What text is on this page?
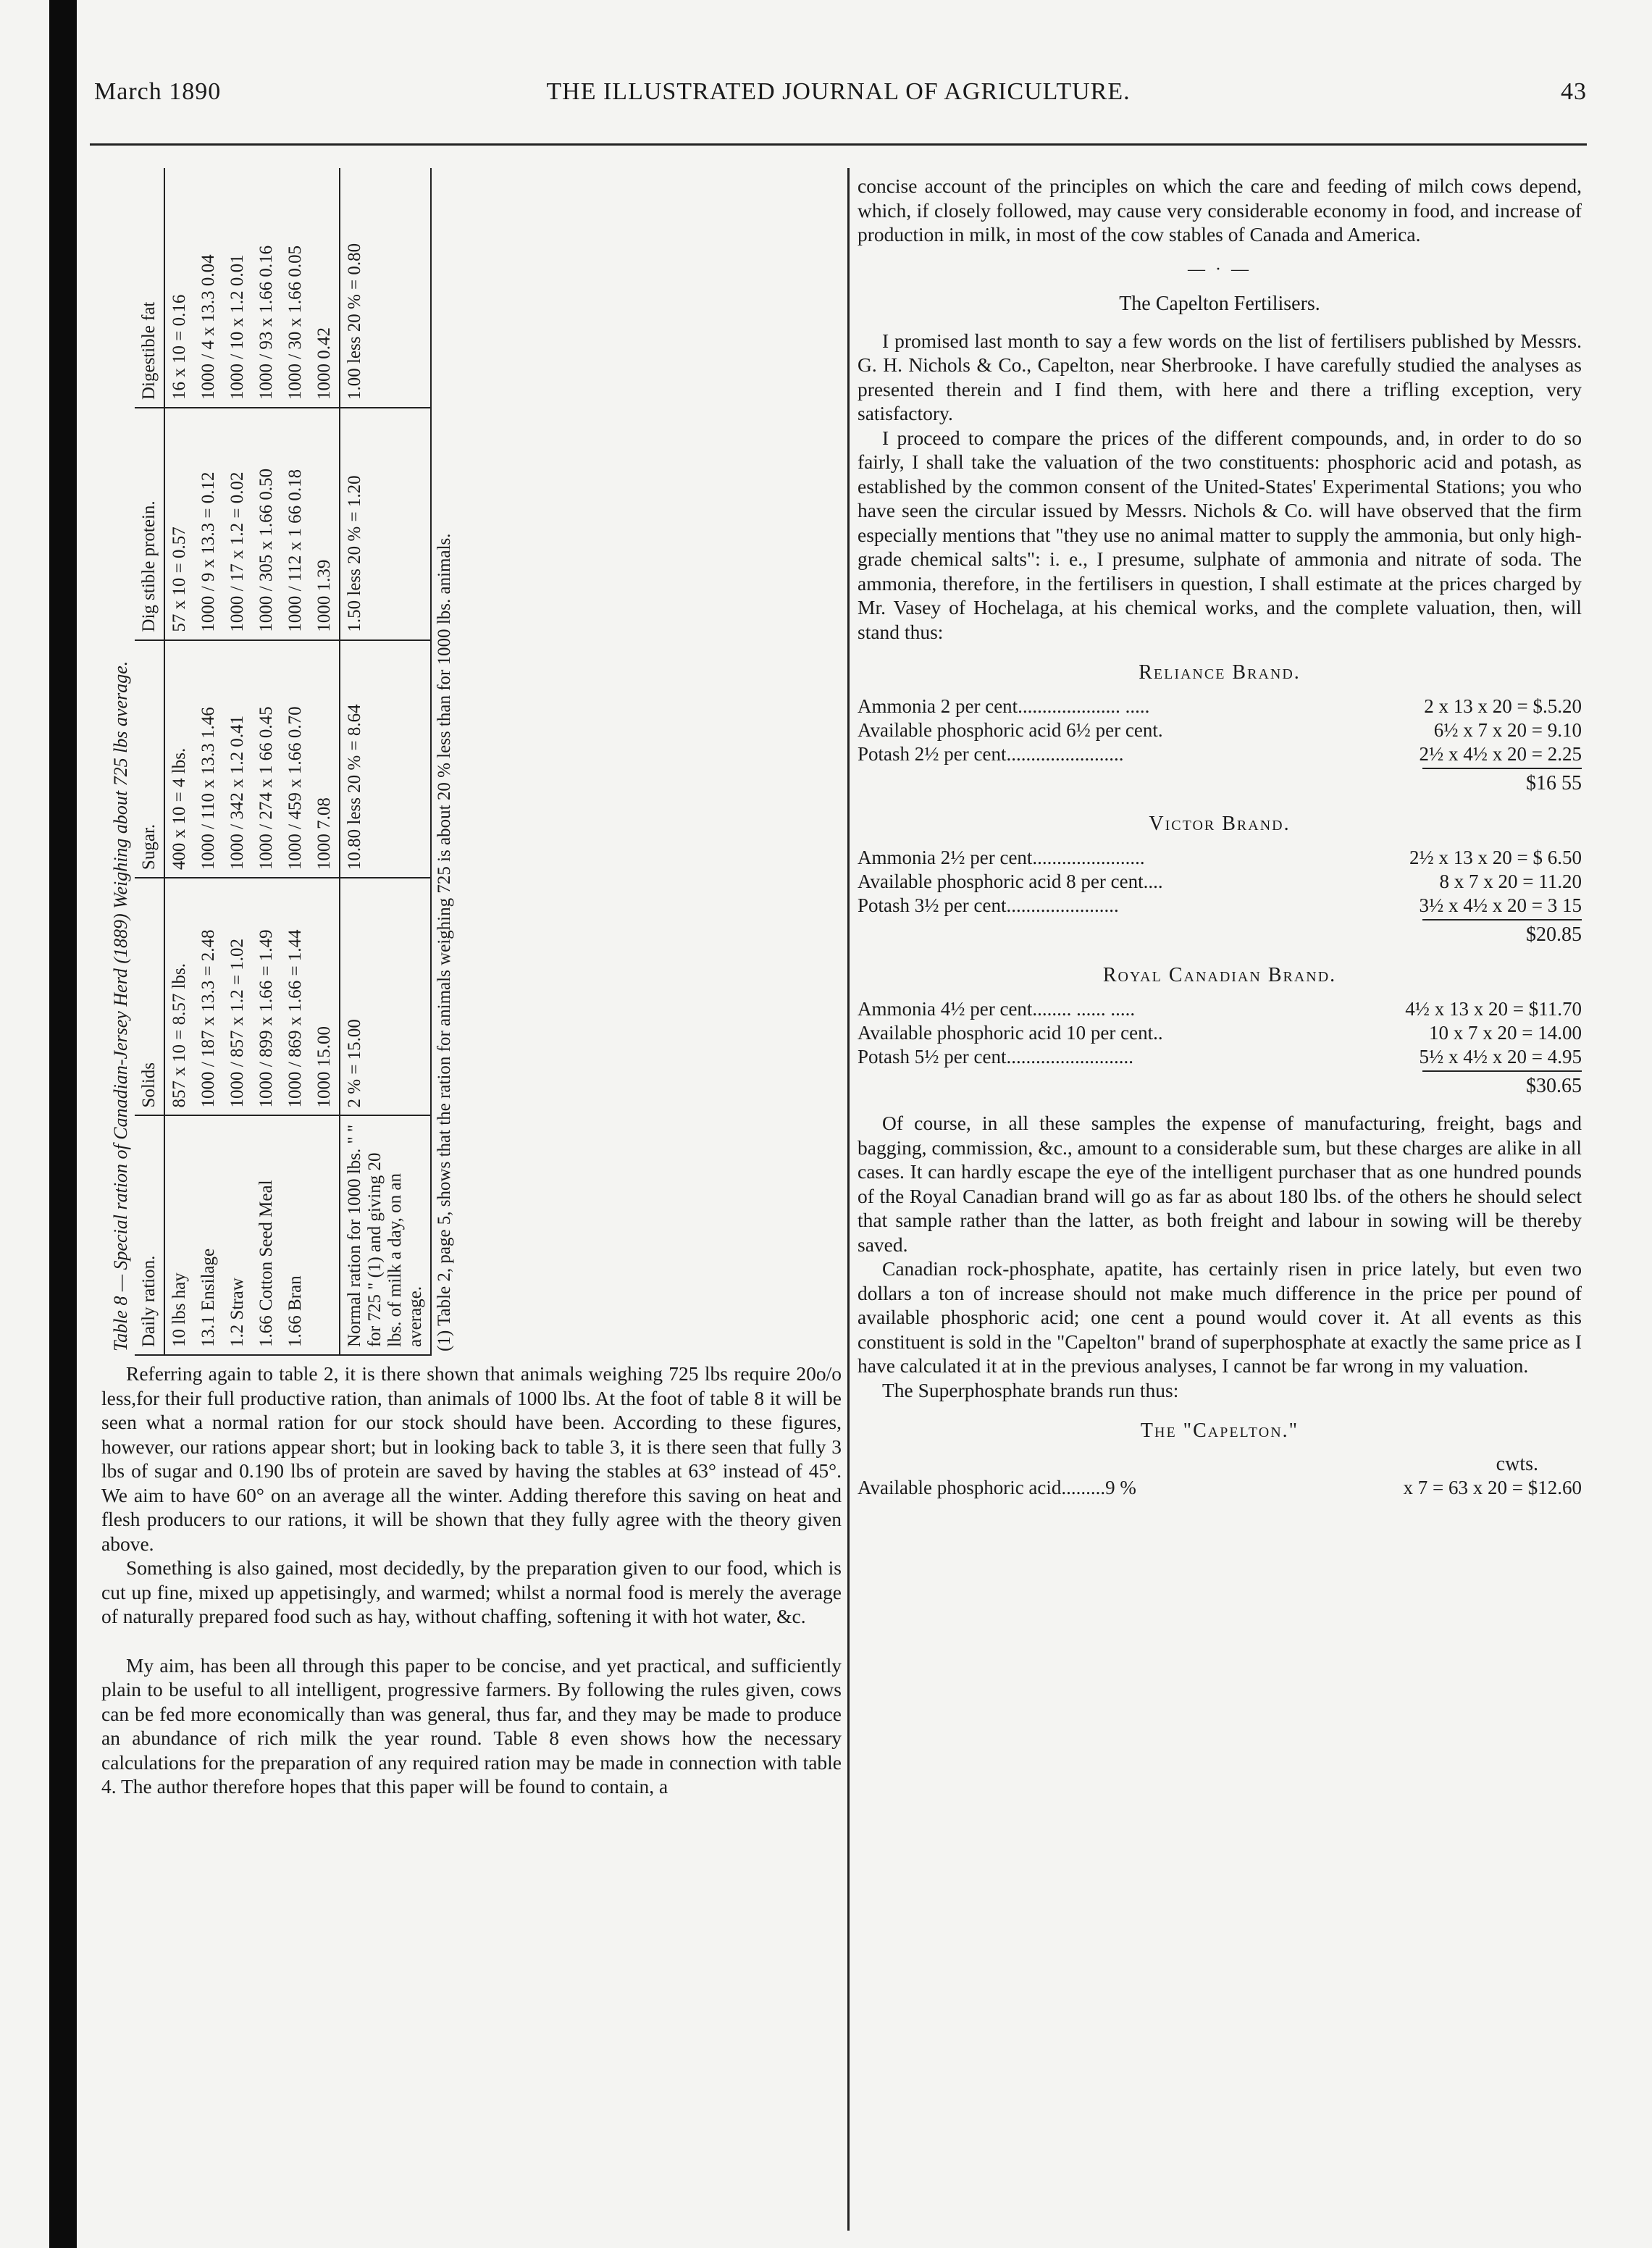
March 1890	THE ILLUSTRATED JOURNAL OF AGRICULTURE.	43
Table 8 — Special ration of Canadian-Jersey Herd (1889) Weighing about 725 lbs average. Daily ration.	Solids	Sugar.	Dig stible protein.	Digestible fat
10 lbs hay	857 x 10 = 8.57 lbs.	400 x 10 = 4 lbs.	57 x 10 = 0.57	16 x 10 = 0.16
13.1 Ensilage	1000 / 187 x 13.3 = 2.48	1000 / 110 x 13.3 1.46	1000 / 9 x 13.3 = 0.12	1000 / 4 x 13.3 0.04
1.2 Straw	1000 / 857 x 1.2 = 1.02	1000 / 342 x 1.2 0.41	1000 / 17 x 1.2 = 0.02	1000 / 10 x 1.2 0.01
1.66 Cotton Seed Meal	1000 / 899 x 1.66 = 1.49	1000 / 274 x 1 66 0.45	1000 / 305 x 1.66 0.50	1000 / 93 x 1.66 0.16
1.66 Bran	1000 / 869 x 1.66 = 1.44	1000 / 459 x 1.66 0.70	1000 / 112 x 1 66 0.18	1000 / 30 x 1.66 0.05
	1000 15.00	1000 7.08	1000 1.39	1000 0.42
Normal ration for 1000 lbs. " " for 725 " (1) and giving 20 lbs. of milk a day, on an average.	2 % = 15.00	10.80 less 20 % = 8.64	1.50 less 20 % = 1.20	1.00 less 20 % = 0.80
(1) Table 2, page 5, shows that the ration for animals weighing 725 is about 20 % less than for 1000 lbs. animals.

Referring again to table 2, it is there shown that animals weighing 725 lbs require 20o/o less,for their full productive ration, than animals of 1000 lbs. At the foot of table 8 it will be seen what a normal ration for our stock should have been. According to these figures, however, our rations appear short; but in looking back to table 3, it is there seen that fully 3 lbs of sugar and 0.190 lbs of protein are saved by having the stables at 63° instead of 45°. We aim to have 60° on an average all the winter. Adding therefore this saving on heat and flesh producers to our rations, it will be shown that they fully agree with the theory given above.

Something is also gained, most decidedly, by the preparation given to our food, which is cut up fine, mixed up appetisingly, and warmed; whilst a normal food is merely the average of naturally prepared food such as hay, without chaffing, softening it with hot water, &c.

My aim, has been all through this paper to be concise, and yet practical, and sufficiently plain to be useful to all intelligent, progressive farmers. By following the rules given, cows can be fed more economically than was general, thus far, and they may be made to produce an abundance of rich milk the year round. Table 8 even shows how the necessary calculations for the preparation of any required ration may be made in connection with table 4. The author therefore hopes that this paper will be found to contain, a

concise account of the principles on which the care and feeding of milch cows depend, which, if closely followed, may cause very considerable economy in food, and increase of production in milk, in most of the cow stables of Canada and America.

— · —
The Capelton Fertilisers.

I promised last month to say a few words on the list of fertilisers published by Messrs. G. H. Nichols & Co., Capelton, near Sherbrooke. I have carefully studied the analyses as presented therein and I find them, with here and there a trifling exception, very satisfactory.

I proceed to compare the prices of the different compounds, and, in order to do so fairly, I shall take the valuation of the two constituents: phosphoric acid and potash, as established by the common consent of the United-States' Experimental Stations; you who have seen the circular issued by Messrs. Nichols & Co. will have observed that the firm especially mentions that "they use no animal matter to supply the ammonia, but only high-grade chemical salts": i. e., I presume, sulphate of ammonia and nitrate of soda. The ammonia, therefore, in the fertilisers in question, I shall estimate at the prices charged by Mr. Vasey of Hochelaga, at his chemical works, and the complete valuation, then, will stand thus:

Reliance Brand.
Ammonia 2 per cent..................... .....	2 x 13 x 20 = $.5.20
Available phosphoric acid 6½ per cent.	6½ x 7 x 20 = 9.10
Potash 2½ per cent........................	2½ x 4½ x 20 = 2.25
$16 55
Victor Brand.
Ammonia 2½ per cent.......................	2½ x 13 x 20 = $ 6.50
Available phosphoric acid 8 per cent....	8 x 7 x 20 = 11.20
Potash 3½ per cent.......................	3½ x 4½ x 20 = 3 15
$20.85
Royal Canadian Brand.
Ammonia 4½ per cent........ ...... .....	4½ x 13 x 20 = $11.70
Available phosphoric acid 10 per cent..	10 x 7 x 20 = 14.00
Potash 5½ per cent..........................	5½ x 4½ x 20 = 4.95
$30.65

Of course, in all these samples the expense of manufacturing, freight, bags and bagging, commission, &c., amount to a considerable sum, but these charges are alike in all cases. It can hardly escape the eye of the intelligent purchaser that as one hundred pounds of the Royal Canadian brand will go as far as about 180 lbs. of the others he should select that sample rather than the latter, as both freight and labour in sowing will be thereby saved.

Canadian rock-phosphate, apatite, has certainly risen in price lately, but even two dollars a ton of increase should not make much difference in the price per pound of available phosphoric acid; one cent a pound would cover it. At all events as this constituent is sold in the "Capelton" brand of superphosphate at exactly the same price as I have calculated it at in the previous analyses, I cannot be far wrong in my valuation.

The Superphosphate brands run thus:

The "Capelton."
cwts.
Available phosphoric acid.........9 %	x 7 = 63 x 20 = $12.60
